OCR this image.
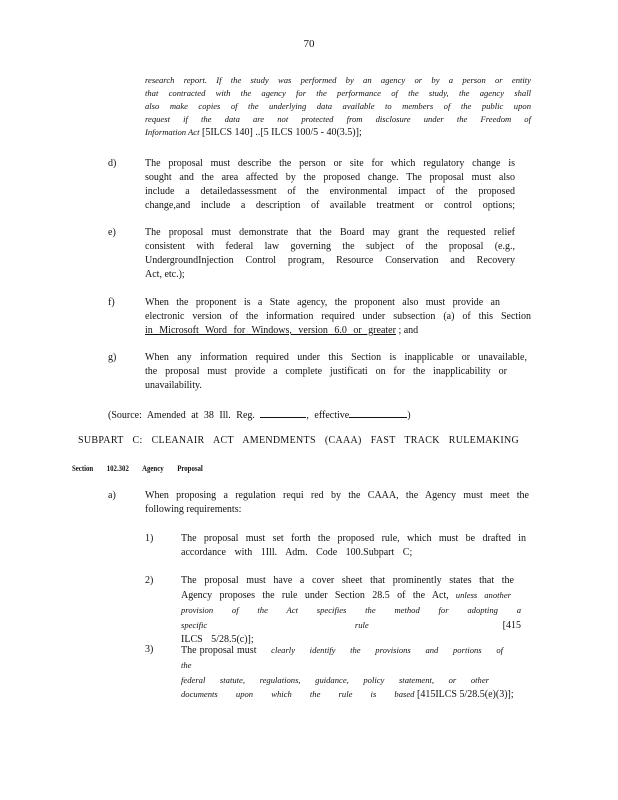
70
research report. If the study was performed by an agency or by a person or entity
that contracted with the agency for the performance of the study, the agency shall
also make copies of the underlying data available to members of the public upon
request if the data are not protected from disclosure under the Freedom of
Information Act [5ILCS 140] ..[5 ILCS 100/5 - 40(3.5)];
d)	The proposal must describe the person or site for which regulatory change is
sought and the area affected by the proposed change. The proposal must also
include a detailedassessment of the environmental impact of the proposed
change,and include a description of available treatment or control options;
e)	The proposal must demonstrate that the Board may grant the requested relief
consistent with federal law governing the subject of the proposal (e.g.,
UndergroundInjection Control program, Resource Conservation and Recovery
Act, etc.);
f)	When the proponent is a State agency, the proponent also must provide an
electronic version of the information required under subsection (a) of this Section
in Microsoft Word for Windows, version 6.0 or greater ; and
g)	When any information required under this Section is inapplicable or unavailable,
the proposal must provide a complete justificati on for the inapplicability or
unavailability.
(Source: Amended at 38 Ill. Reg.	, effective	)
SUBPART C: CLEANAIR ACT AMENDMENTS (CAAA) FAST TRACK RULEMAKING
Section 102.302 Agency Proposal
a)	When proposing a regulation requi red by the CAAA, the Agency must meet the
following requirements:
1)	The proposal must set forth the proposed rule, which must be drafted in
accordance with 1Ill. Adm. Code 100.Subpart C;
2)	The proposal must have a cover sheet that prominently states that the
Agency proposes the rule under Section 28.5 of the Act, unless another
provision of the Act specifies the method for adopting a specific rule [415
ILCS 5/28.5(c)];
3)	The proposal must clearly identify the provisions and portions of the
federal statute, regulations, guidance, policy statement, or other
documents upon which the rule is based [415ILCS 5/28.5(e)(3)];
